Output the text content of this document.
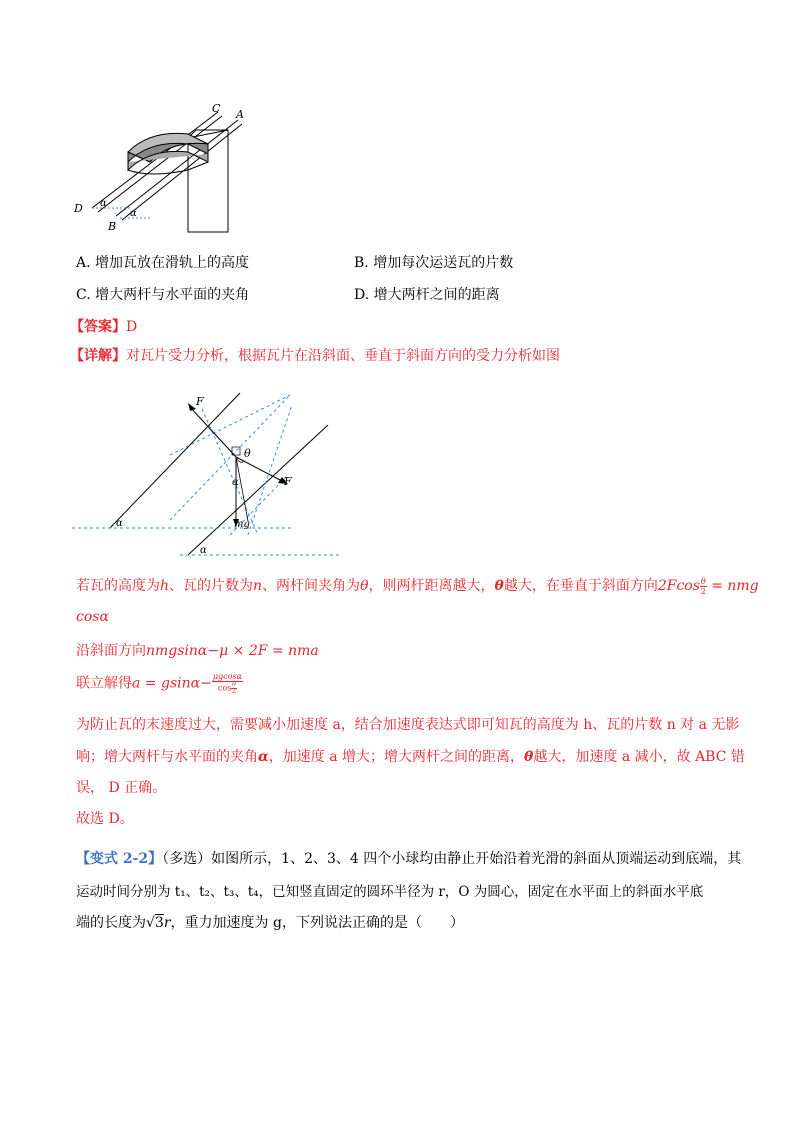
C A
D
B
α
α
A. 增加瓦放在滑轨上的高度	B. 增加每次运送瓦的片数
C. 增大两杆与水平面的夹角	D. 增大两杆之间的距离
【答案】D
【详解】对瓦片受力分析，根据瓦片在沿斜面、垂直于斜面方向的受力分析如图
F
F
θ
α
mg
α
α
若瓦的高度为h、瓦的片数为n、两杆间夹角为θ，则两杆距离越大，θ越大，在垂直于斜面方向$2Fcos \frac{\theta}{2}$ = nmg
cosα
沿斜面方向nmgsinα−μ × 2F = nma
联立解得$a = gsin\alpha- \frac{\mu gcos\alpha}{\cos \frac{\theta}{2}}$
为防止瓦的末速度过大，需要减小加速度 a，结合加速度表达式即可知瓦的高度为 h、瓦的片数 n 对 a 无影
响；增大两杆与水平面的夹角α，加速度 a 增大；增大两杆之间的距离，θ越大，加速度 a 减小，故 ABC 错
误， D 正确。
故选 D。
【变式 2-2】（多选）如图所示，1、2、3、4 四个小球均由静止开始沿着光滑的斜面从顶端运动到底端，其
运动时间分别为 t₁、t₂、t₃、t₄，已知竖直固定的圆环半径为 r，O 为圆心，固定在水平面上的斜面水平底
端的长度为√3r，重力加速度为 g，下列说法正确的是（　　）
